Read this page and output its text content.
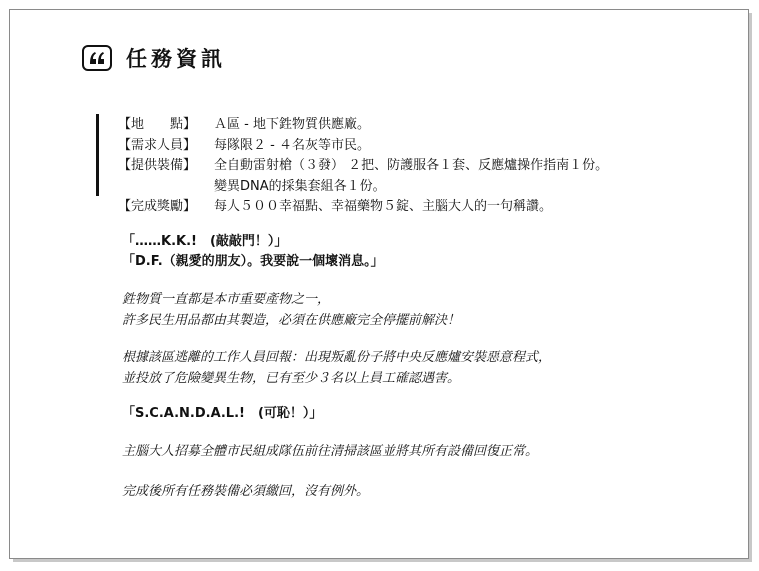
任務資訊
【地　　點】	Ａ區 - 地下鉎物質供應廠。
【需求人員】	每隊限２ - ４名灰等市民。
【提供裝備】	全自動雷射槍（３發） ２把、防護服各１套、反應爐操作指南１份。
變異DNA的採集套組各１份。
【完成獎勵】	每人５００幸福點、幸福藥物５錠、主腦大人的一句稱讚。
「……K.K.!　(敲敲門！）」
「D.F.（親愛的朋友）。我要說一個壞消息。」
鉎物質一直都是本市重要產物之一，
許多民生用品都由其製造，必須在供應廠完全停擺前解決！
根據該區逃離的工作人員回報：出現叛亂份子將中央反應爐安裝惡意程式，
並投放了危險變異生物，已有至少３名以上員工確認遇害。
「S.C.A.N.D.A.L.!　(可恥！）」
主腦大人招募全體市民組成隊伍前往清掃該區並將其所有設備回復正常。
完成後所有任務裝備必須繳回，沒有例外。
